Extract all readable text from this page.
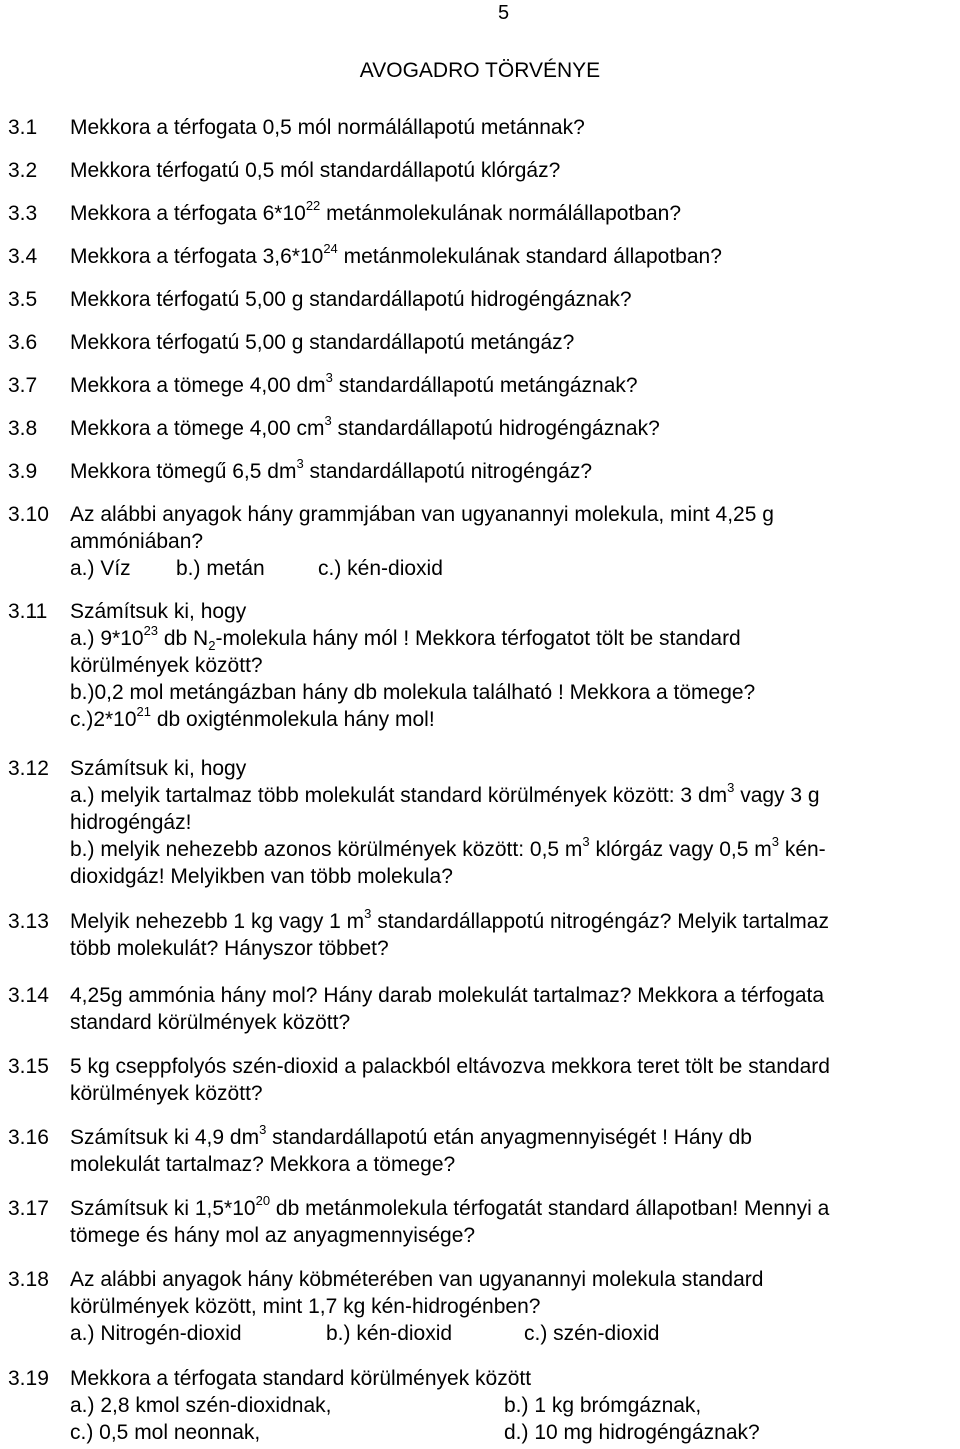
5
AVOGADRO TÖRVÉNYE
3.1 Mekkora a térfogata 0,5 mól normálállapotú metánnak?
3.2 Mekkora térfogatú 0,5 mól standardállapotú klórgáz?
3.3 Mekkora a térfogata $6*10^{22}$ metánmolekulának normálállapotban?
3.4 Mekkora a térfogata $3,6*10^{24}$ metánmolekulának standard állapotban?
3.5 Mekkora térfogatú 5,00 g standardállapotú hidrogéngáznak?
3.6 Mekkora térfogatú 5,00 g standardállapotú metángáz?
3.7 Mekkora a tömege 4,00 $dm^3$ standardállapotú metángáznak?
3.8 Mekkora a tömege 4,00 $cm^3$ standardállapotú hidrogéngáznak?
3.9 Mekkora tömegű 6,5 $dm^3$ standardállapotú nitrogéngáz?
3.10 Az alábbi anyagok hány grammjában van ugyanannyi molekula, mint 4,25 g
ammóniában?
a.) Víz b.) metán	c.) kén-dioxid
3.11 Számítsuk ki, hogy
a.) $9*10^{23}$ db $N_2$-molekula hány mól ! Mekkora térfogatot tölt be standard
körülmények között?
b.)0,2 mol metángázban hány db molekula található ! Mekkora a tömege?
$c.)2*10^{21}$ db oxigténmolekula hány mol!
3.12 Számítsuk ki, hogy
a.) melyik tartalmaz több molekulát standard körülmények között: 3 $dm^3$ vagy 3 g
hidrogéngáz!
b.) melyik nehezebb azonos körülmények között: 0,5 $m^3$ klórgáz vagy 0,5 $m^3$ kén-
dioxidgáz! Melyikben van több molekula?
3.13 Melyik nehezebb 1 kg vagy 1 $m^3$ standardállappotú nitrogéngáz? Melyik tartalmaz
több molekulát? Hányszor többet?
3.14 4,25g ammónia hány mol? Hány darab molekulát tartalmaz? Mekkora a térfogata
standard körülmények között?
3.15 5 kg cseppfolyós szén-dioxid a palackból eltávozva mekkora teret tölt be standard
körülmények között?
3.16 Számítsuk ki 4,9 $dm^3$ standardállapotú etán anyagmennyiségét ! Hány db
molekulát tartalmaz? Mekkora a tömege?
3.17 Számítsuk ki $1,5*10^{20}$ db metánmolekula térfogatát standard állapotban! Mennyi a
tömege és hány mol az anyagmennyisége?
3.18 Az alábbi anyagok hány köbméterében van ugyanannyi molekula standard
körülmények között, mint 1,7 kg kén-hidrogénben?
a.) Nitrogén-dioxid	b.) kén-dioxid	c.) szén-dioxid
3.19 Mekkora a térfogata standard körülmények között
a.) 2,8 kmol szén-dioxidnak,	b.) 1 kg brómgáznak,
c.) 0,5 mol neonnak,	d.) 10 mg hidrogéngáznak?
